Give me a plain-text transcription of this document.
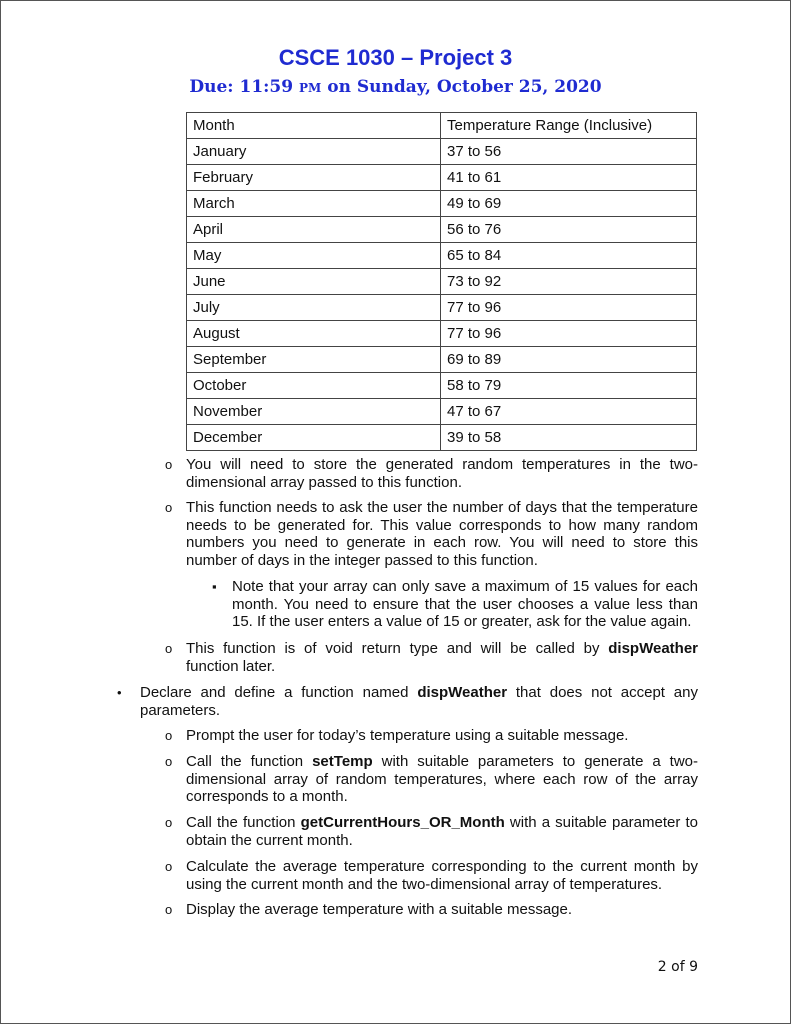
CSCE 1030 – Project 3
Due: 11:59 PM on Sunday, October 25, 2020
Month	Temperature Range (Inclusive)
January	37 to 56
February	41 to 61
March	49 to 69
April	56 to 76
May	65 to 84
June	73 to 92
July	77 to 96
August	77 to 96
September	69 to 89
October	58 to 79
November	47 to 67
December	39 to 58
o You will need to store the generated random temperatures in the two-dimensional array passed to this function.
o This function needs to ask the user the number of days that the temperature needs to be generated for. This value corresponds to how many random numbers you need to generate in each row. You will need to store this number of days in the integer passed to this function.
▪ Note that your array can only save a maximum of 15 values for each month. You need to ensure that the user chooses a value less than 15. If the user enters a value of 15 or greater, ask for the value again.
o This function is of void return type and will be called by dispWeather function later.
• Declare and define a function named dispWeather that does not accept any parameters.
o Prompt the user for today’s temperature using a suitable message.
o Call the function setTemp with suitable parameters to generate a two-dimensional array of random temperatures, where each row of the array corresponds to a month.
o Call the function getCurrentHours_OR_Month with a suitable parameter to obtain the current month.
o Calculate the average temperature corresponding to the current month by using the current month and the two-dimensional array of temperatures.
o Display the average temperature with a suitable message.
2 of 9
